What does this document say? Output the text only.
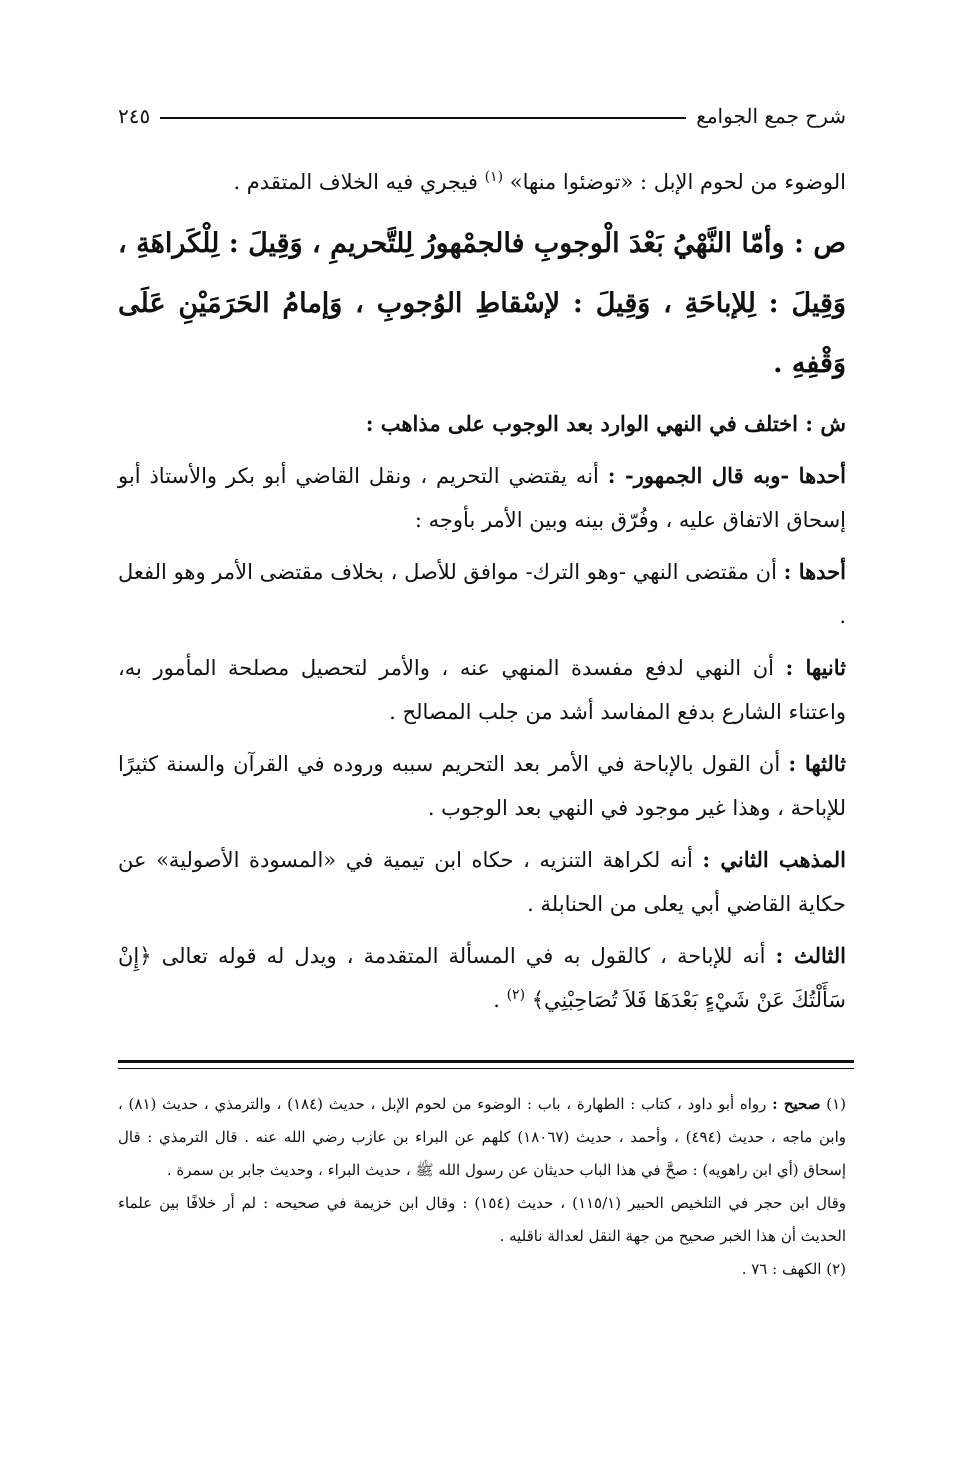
شرح جمع الجوامع
٢٤٥

الوضوء من لحوم الإبل : «توضئوا منها» $^{(١)}$ فيجري فيه الخلاف المتقدم .

ص : وأمّا النَّهْيُ بَعْدَ الْوجوبِ فالجمْهورُ لِلتَّحريمِ ، وَقِيلَ : لِلْكَراهَةِ ، وَقِيلَ : لِلإباحَةِ ، وَقِيلَ : لإسْقاطِ الوُجوبِ ، وَإمامُ الحَرَمَيْنِ عَلَى وَقْفِهِ .

ش : اختلف في النهي الوارد بعد الوجوب على مذاهب :

أحدها -وبه قال الجمهور- : أنه يقتضي التحريم ، ونقل القاضي أبو بكر والأستاذ أبو إسحاق الاتفاق عليه ، وفُرّق بينه وبين الأمر بأوجه :

أحدها : أن مقتضى النهي -وهو الترك- موافق للأصل ، بخلاف مقتضى الأمر وهو الفعل .

ثانيها : أن النهي لدفع مفسدة المنهي عنه ، والأمر لتحصيل مصلحة المأمور به، واعتناء الشارع بدفع المفاسد أشد من جلب المصالح .

ثالثها : أن القول بالإباحة في الأمر بعد التحريم سببه وروده في القرآن والسنة كثيرًا للإباحة ، وهذا غير موجود في النهي بعد الوجوب .

المذهب الثاني : أنه لكراهة التنزيه ، حكاه ابن تيمية في «المسودة الأصولية» عن حكاية القاضي أبي يعلى من الحنابلة .

الثالث : أنه للإباحة ، كالقول به في المسألة المتقدمة ، ويدل له قوله تعالى ﴿إِنْ سَأَلْتُكَ عَنْ شَيْءٍ بَعْدَهَا فَلاَ تُصَاحِبْنِي﴾ $^{(٢)}$ .

(١) صحيح : رواه أبو داود ، كتاب : الطهارة ، باب : الوضوء من لحوم الإبل ، حديث (١٨٤) ، والترمذي ، حديث (٨١) ، وابن ماجه ، حديث (٤٩٤) ، وأحمد ، حديث (١٨٠٦٧) كلهم عن البراء بن عازب رضي الله عنه . قال الترمذي : قال إسحاق (أي ابن راهويه) : صحَّ في هذا الباب حديثان عن رسول الله ﷺ ، حديث البراء ، وحديث جابر بن سمرة .

وقال ابن حجر في التلخيص الحبير (١١٥/١) ، حديث (١٥٤) : وقال ابن خزيمة في صحيحه : لم أر خلافًا بين علماء الحديث أن هذا الخبر صحيح من جهة النقل لعدالة ناقليه .

(٢) الكهف : ٧٦ .
